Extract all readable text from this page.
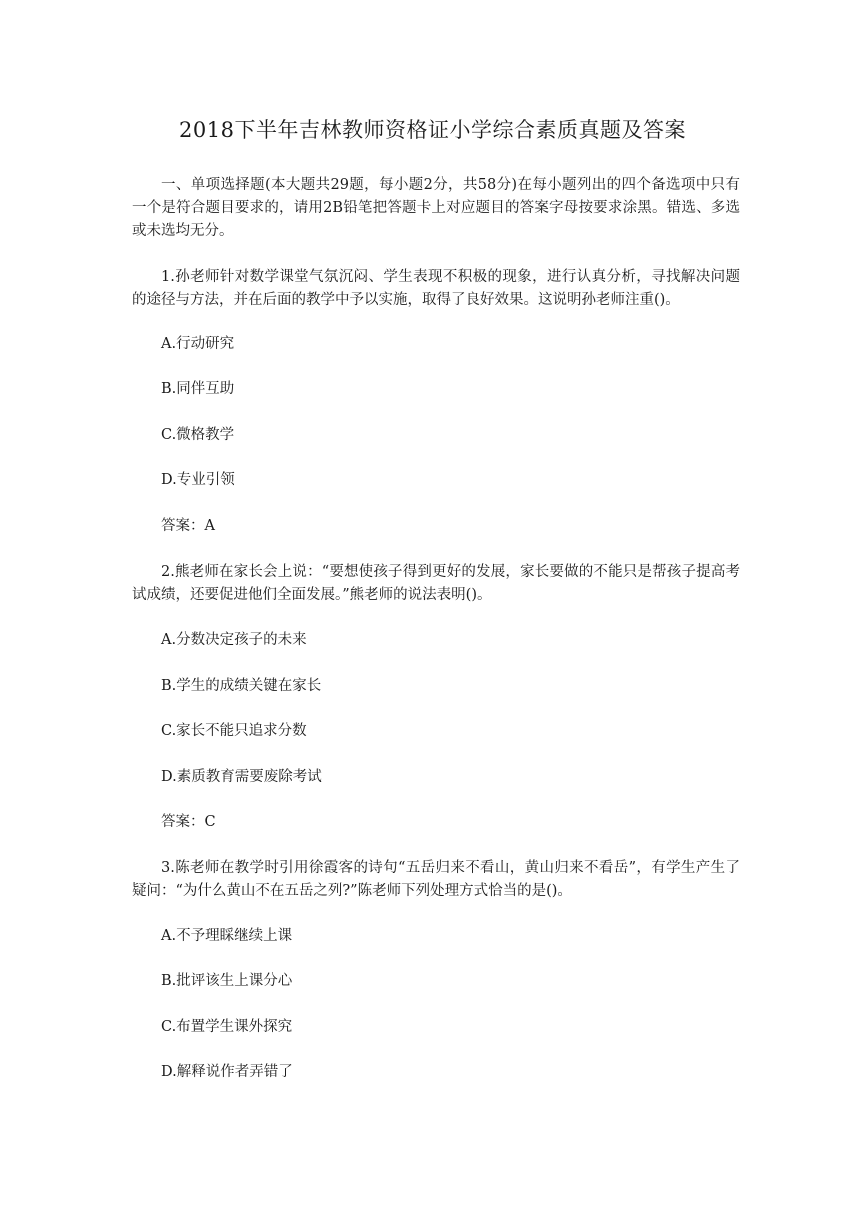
2018下半年吉林教师资格证小学综合素质真题及答案

一、单项选择题(本大题共29题，每小题2分，共58分)在每小题列出的四个备选项中只有一个是符合题目要求的，请用2B铅笔把答题卡上对应题目的答案字母按要求涂黑。错选、多选或未选均无分。

1.孙老师针对数学课堂气氛沉闷、学生表现不积极的现象，进行认真分析，寻找解决问题的途径与方法，并在后面的教学中予以实施，取得了良好效果。这说明孙老师注重()。

A.行动研究

B.同伴互助

C.微格教学

D.专业引领

答案：A

2.熊老师在家长会上说：“要想使孩子得到更好的发展，家长要做的不能只是帮孩子提高考试成绩，还要促进他们全面发展。”熊老师的说法表明()。

A.分数决定孩子的未来

B.学生的成绩关键在家长

C.家长不能只追求分数

D.素质教育需要废除考试

答案：C

3.陈老师在教学时引用徐霞客的诗句“五岳归来不看山，黄山归来不看岳”，有学生产生了疑问：“为什么黄山不在五岳之列?”陈老师下列处理方式恰当的是()。

A.不予理睬继续上课

B.批评该生上课分心

C.布置学生课外探究

D.解释说作者弄错了
